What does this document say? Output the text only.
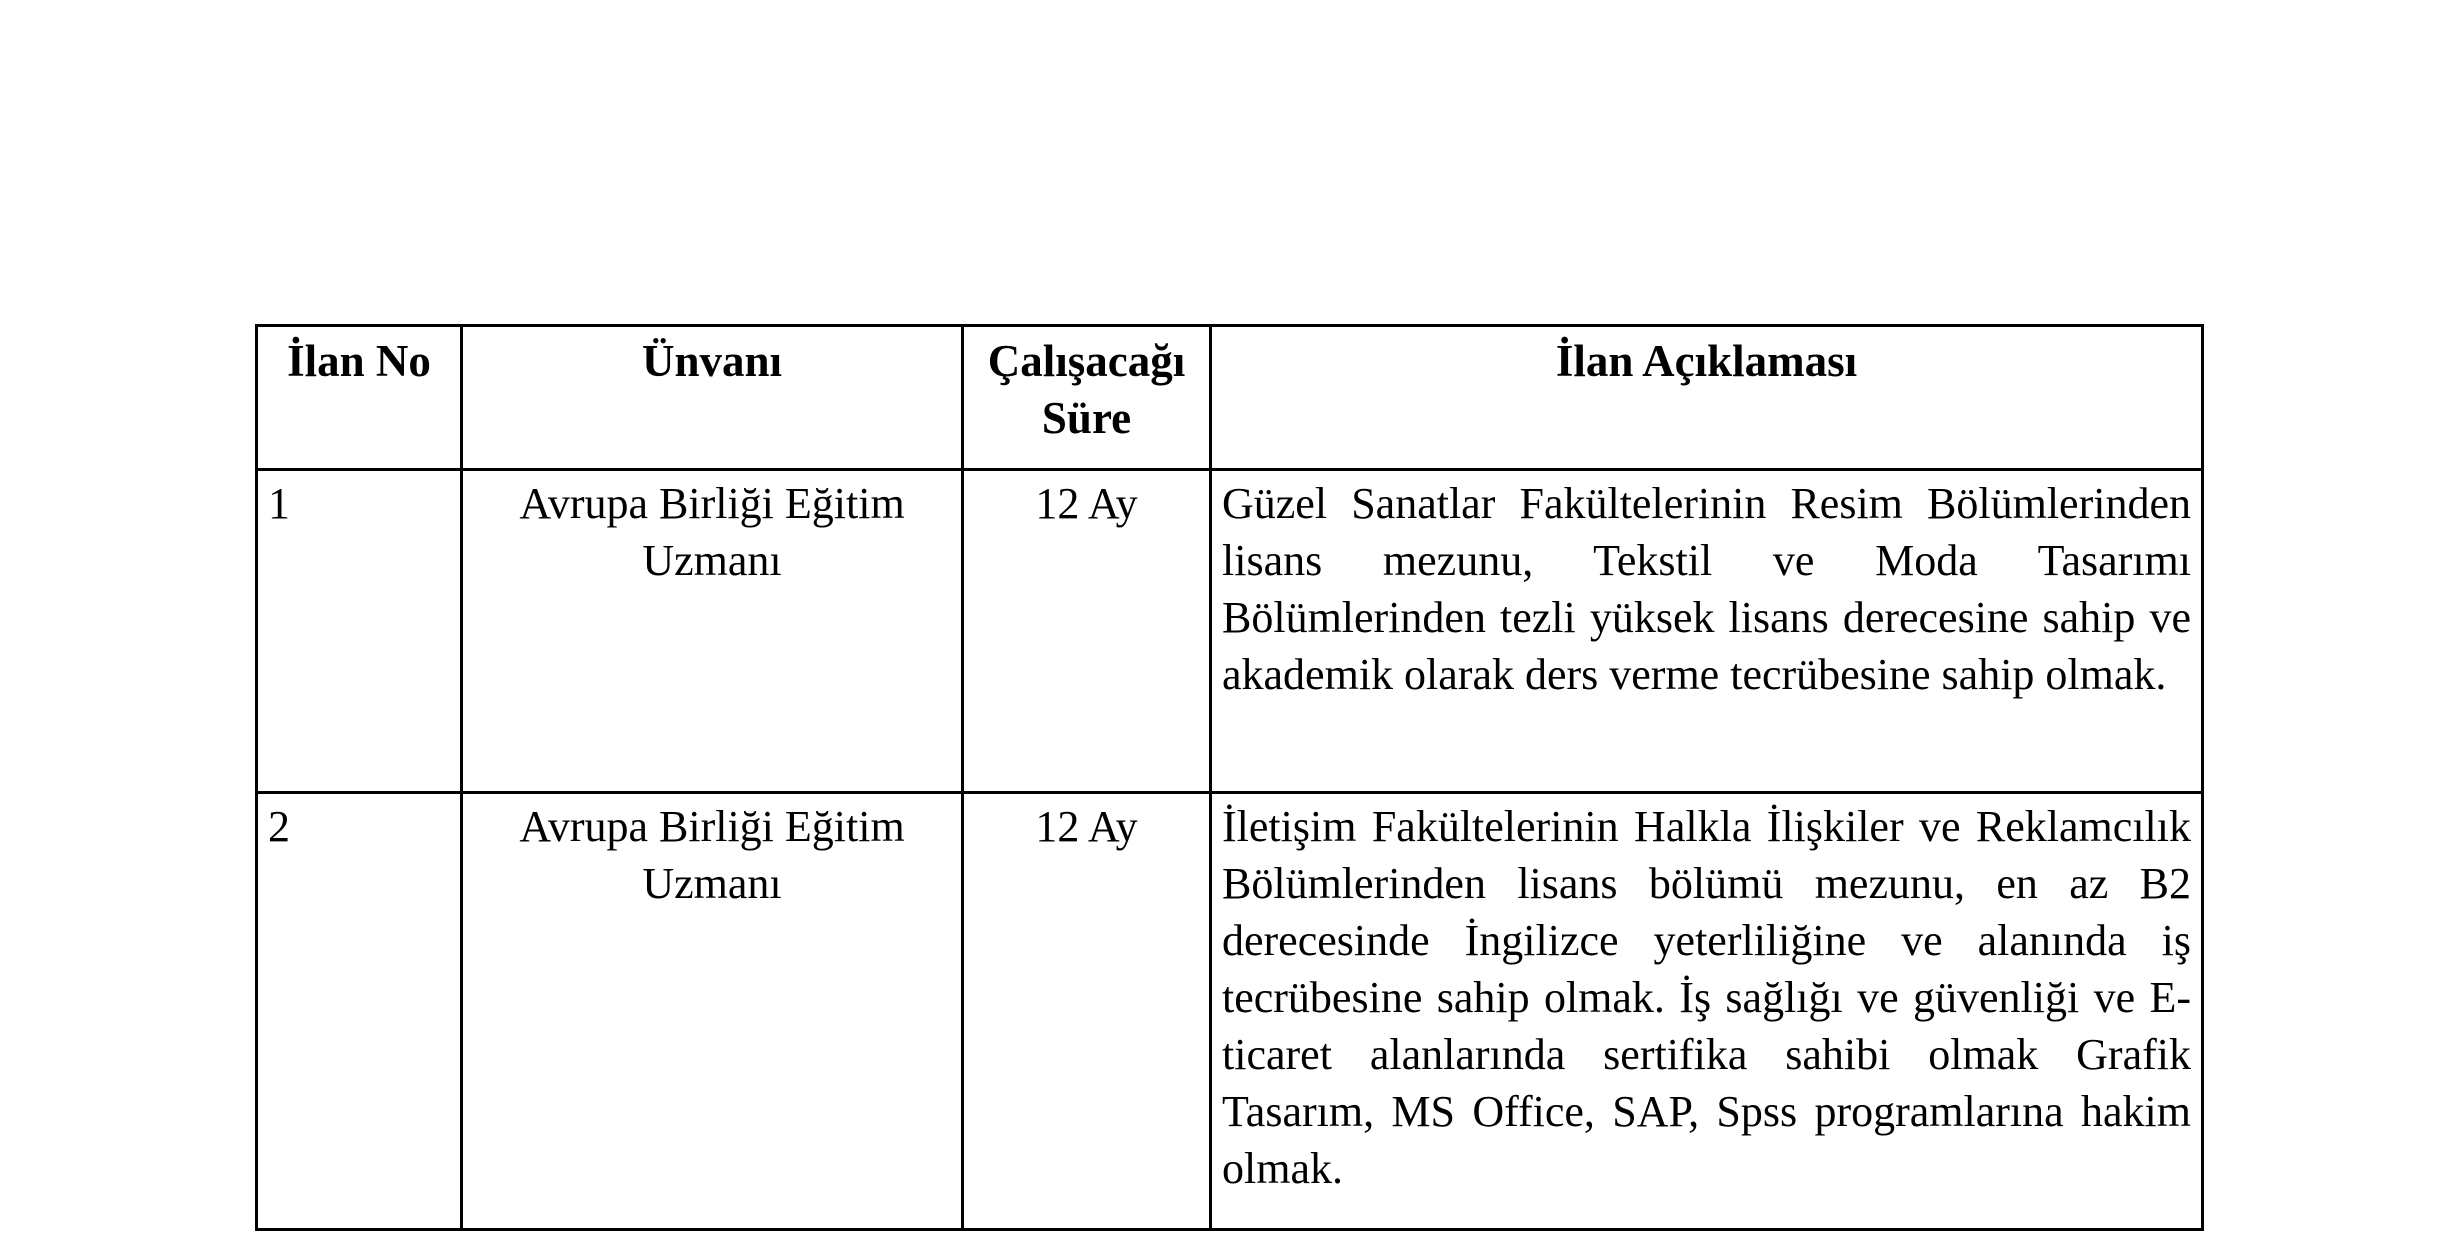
İlan No	Ünvanı	Çalışacağı Süre	İlan Açıklaması
1	Avrupa Birliği Eğitim Uzmanı	12 Ay	Güzel Sanatlar Fakültelerinin Resim Bölümlerinden lisans mezunu, Tekstil ve Moda Tasarımı Bölümlerinden tezli yüksek lisans derecesine sahip ve akademik olarak ders verme tecrübesine sahip olmak.
2	Avrupa Birliği Eğitim Uzmanı	12 Ay	İletişim Fakültelerinin Halkla İlişkiler ve Reklamcılık Bölümlerinden lisans bölümü mezunu, en az B2 derecesinde İngilizce yeterliliğine ve alanında iş tecrübesine sahip olmak. İş sağlığı ve güvenliği ve E-ticaret alanlarında sertifika sahibi olmak Grafik Tasarım, MS Office, SAP, Spss programlarına hakim olmak.
